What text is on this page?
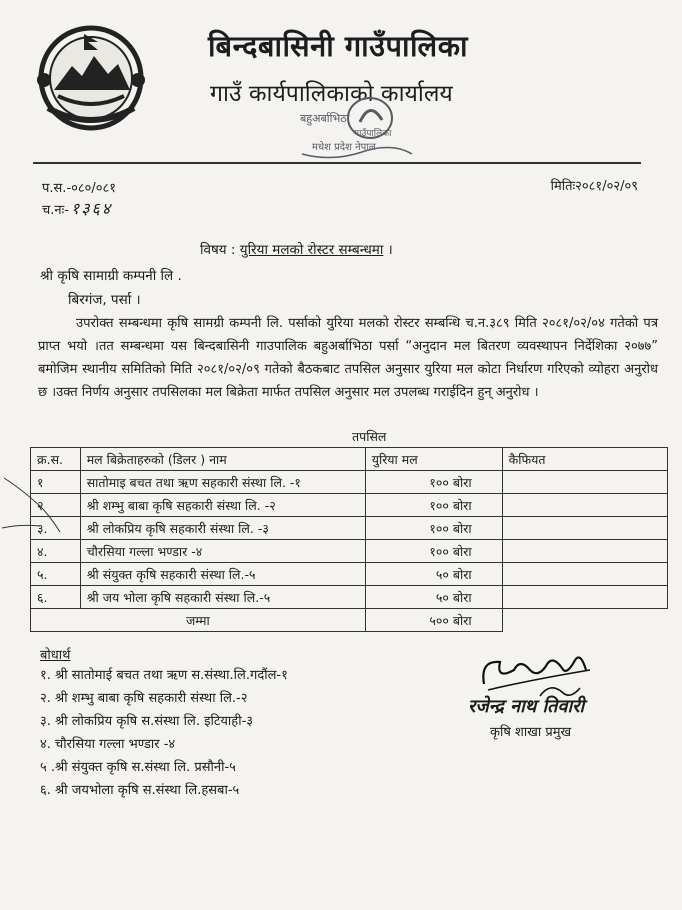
बिन्दबासिनी गाउँपालिका
गाउँ कार्यपालिकाको कार्यालय
बहुअर्बाभिठा
गाउँपालिका
मधेश प्रदेश नेपाल
प.स.-०८०/०८१
च.नः- १३६४
मितिः२०८१/०२/०९
विषय : युरिया मलको रोस्टर सम्बन्धमा ।
श्री कृषि सामाग्री कम्पनी लि .
बिरगंज, पर्सा ।

उपरोक्त सम्बन्धमा कृषि सामग्री कम्पनी लि. पर्साको युरिया मलको रोस्टर सम्बन्धि च.न.३८९ मिति २०८१/०२/०४ गतेको पत्र प्राप्त भयो ।तत सम्बन्धमा यस बिन्दबासिनी गाउपालिक बहुअर्बाभिठा पर्सा “अनुदान मल बितरण व्यवस्थापन निर्देशिका २०७७” बमोजिम स्थानीय समितिको मिति २०८१/०२/०९ गतेको बैठकबाट तपसिल अनुसार युरिया मल कोटा निर्धारण गरिएको व्योहरा अनुरोध छ ।उक्त निर्णय अनुसार तपसिलका मल बिक्रेता मार्फत तपसिल अनुसार मल उपलब्ध गराईदिन हुन् अनुरोध ।

तपसिल
क्र.स.	मल बिक्रेताहरुको (डिलर ) नाम	युरिया मल	कैफियत
१	सातोमाइ बचत तथा ऋण सहकारी संस्था लि. -१	१०० बोरा	
२	श्री शम्भु बाबा कृषि सहकारी संस्था लि. -२	१०० बोरा	
३.	श्री लोकप्रिय कृषि सहकारी संस्था लि. -३	१०० बोरा	
४.	चौरसिया गल्ला भण्डार -४	१०० बोरा	
५.	श्री संयुक्त कृषि सहकारी संस्था लि.-५	५० बोरा	
६.	श्री जय भोला कृषि सहकारी संस्था लि.-५	५० बोरा	
जम्मा		५०० बोरा	
बोधार्थ
१. श्री सातोमाई बचत तथा ऋण स.संस्था.लि.गदौंल-१
२. श्री शम्भु बाबा कृषि सहकारी संस्था लि.-२
३. श्री लोकप्रिय कृषि स.संस्था लि. इटियाही-३
४. चौरसिया गल्ला भण्डार -४
५ .श्री संयुक्त कृषि स.संस्था लि. प्रसौनी-५
६. श्री जयभोला कृषि स.संस्था लि.हसबा-५
रजेन्द्र नाथ तिवारी
कृषि शाखा प्रमुख
